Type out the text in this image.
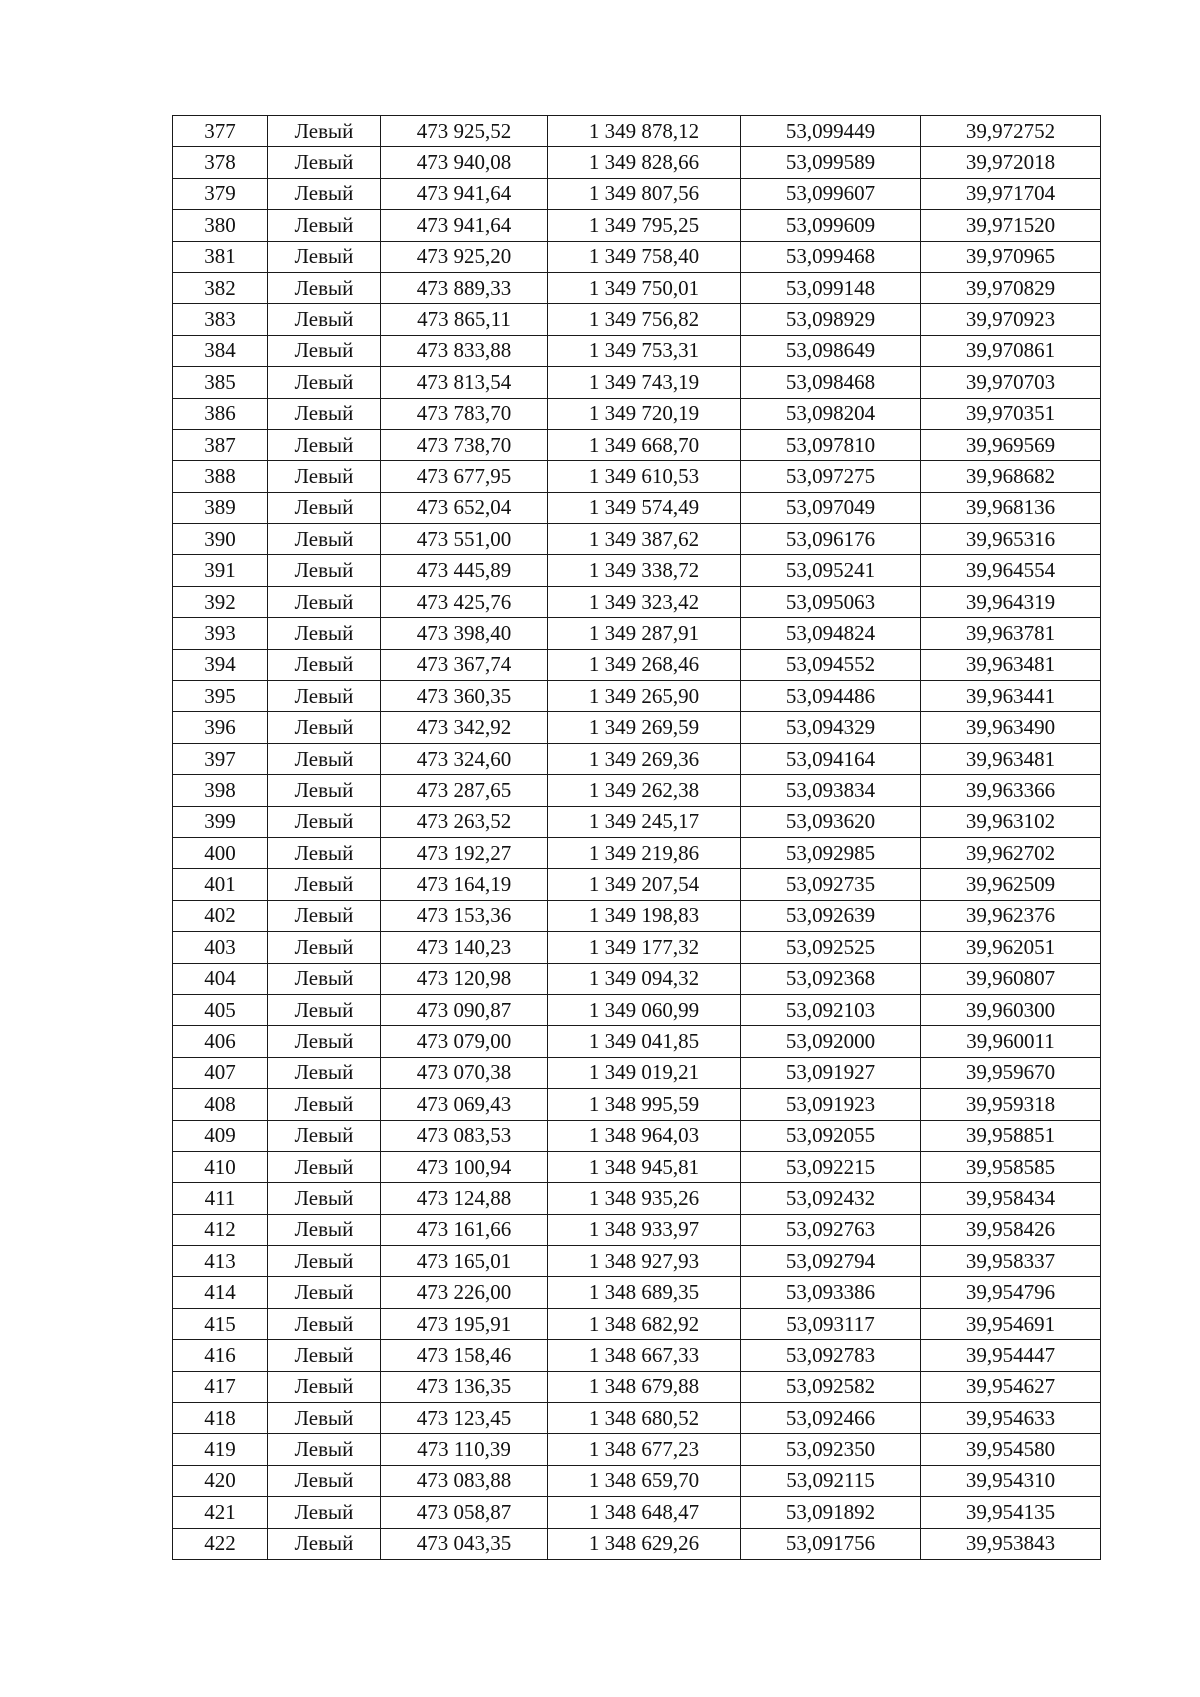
377	Левый	473 925,52	1 349 878,12	53,099449	39,972752
378	Левый	473 940,08	1 349 828,66	53,099589	39,972018
379	Левый	473 941,64	1 349 807,56	53,099607	39,971704
380	Левый	473 941,64	1 349 795,25	53,099609	39,971520
381	Левый	473 925,20	1 349 758,40	53,099468	39,970965
382	Левый	473 889,33	1 349 750,01	53,099148	39,970829
383	Левый	473 865,11	1 349 756,82	53,098929	39,970923
384	Левый	473 833,88	1 349 753,31	53,098649	39,970861
385	Левый	473 813,54	1 349 743,19	53,098468	39,970703
386	Левый	473 783,70	1 349 720,19	53,098204	39,970351
387	Левый	473 738,70	1 349 668,70	53,097810	39,969569
388	Левый	473 677,95	1 349 610,53	53,097275	39,968682
389	Левый	473 652,04	1 349 574,49	53,097049	39,968136
390	Левый	473 551,00	1 349 387,62	53,096176	39,965316
391	Левый	473 445,89	1 349 338,72	53,095241	39,964554
392	Левый	473 425,76	1 349 323,42	53,095063	39,964319
393	Левый	473 398,40	1 349 287,91	53,094824	39,963781
394	Левый	473 367,74	1 349 268,46	53,094552	39,963481
395	Левый	473 360,35	1 349 265,90	53,094486	39,963441
396	Левый	473 342,92	1 349 269,59	53,094329	39,963490
397	Левый	473 324,60	1 349 269,36	53,094164	39,963481
398	Левый	473 287,65	1 349 262,38	53,093834	39,963366
399	Левый	473 263,52	1 349 245,17	53,093620	39,963102
400	Левый	473 192,27	1 349 219,86	53,092985	39,962702
401	Левый	473 164,19	1 349 207,54	53,092735	39,962509
402	Левый	473 153,36	1 349 198,83	53,092639	39,962376
403	Левый	473 140,23	1 349 177,32	53,092525	39,962051
404	Левый	473 120,98	1 349 094,32	53,092368	39,960807
405	Левый	473 090,87	1 349 060,99	53,092103	39,960300
406	Левый	473 079,00	1 349 041,85	53,092000	39,960011
407	Левый	473 070,38	1 349 019,21	53,091927	39,959670
408	Левый	473 069,43	1 348 995,59	53,091923	39,959318
409	Левый	473 083,53	1 348 964,03	53,092055	39,958851
410	Левый	473 100,94	1 348 945,81	53,092215	39,958585
411	Левый	473 124,88	1 348 935,26	53,092432	39,958434
412	Левый	473 161,66	1 348 933,97	53,092763	39,958426
413	Левый	473 165,01	1 348 927,93	53,092794	39,958337
414	Левый	473 226,00	1 348 689,35	53,093386	39,954796
415	Левый	473 195,91	1 348 682,92	53,093117	39,954691
416	Левый	473 158,46	1 348 667,33	53,092783	39,954447
417	Левый	473 136,35	1 348 679,88	53,092582	39,954627
418	Левый	473 123,45	1 348 680,52	53,092466	39,954633
419	Левый	473 110,39	1 348 677,23	53,092350	39,954580
420	Левый	473 083,88	1 348 659,70	53,092115	39,954310
421	Левый	473 058,87	1 348 648,47	53,091892	39,954135
422	Левый	473 043,35	1 348 629,26	53,091756	39,953843
